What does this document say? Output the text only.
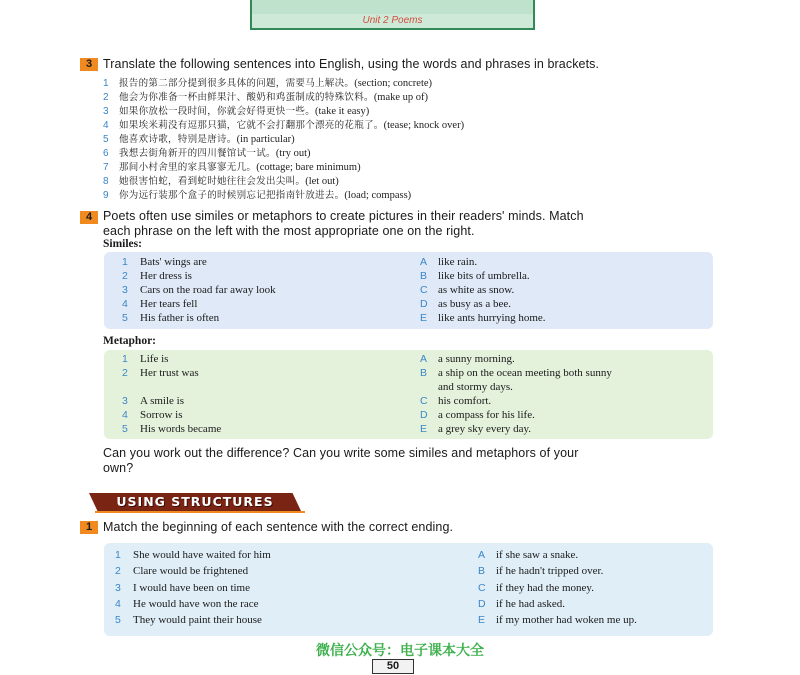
Unit 2 Poems
3 Translate the following sentences into English, using the words and phrases in brackets.
1 报告的第二部分提到很多具体的问题，需要马上解决。(section; concrete)
2 他会为你准备一杯由鲜果汁、酸奶和鸡蛋制成的特殊饮料。(make up of)
3 如果你放松一段时间，你就会好得更快一些。(take it easy)
4 如果埃米莉没有逗那只猫，它就不会打翻那个漂亮的花瓶了。(tease; knock over)
5 他喜欢诗歌，特别是唐诗。(in particular)
6 我想去街角新开的四川餐馆试一试。(try out)
7 那间小村舍里的家具寥寥无几。(cottage; bare minimum)
8 她很害怕蛇，看到蛇时她往往会发出尖叫。(let out)
9 你为远行装那个盒子的时候别忘记把指南针放进去。(load; compass)
4 Poets often use similes or metaphors to create pictures in their readers' minds. Match
each phrase on the left with the most appropriate one on the right.
Similes:
1 Bats' wings are
2 Her dress is
3 Cars on the road far away look
4 Her tears fell
5 His father is often
A like rain.
B like bits of umbrella.
C as white as snow.
D as busy as a bee.
E like ants hurrying home.
Metaphor:
1 Life is
2 Her trust was
3 A smile is
4 Sorrow is
5 His words became
A a sunny morning.
B a ship on the ocean meeting both sunny
and stormy days.
C his comfort.
D a compass for his life.
E a grey sky every day.
Can you work out the difference? Can you write some similes and metaphors of your
own?
USING STRUCTURES
1 Match the beginning of each sentence with the correct ending.
1 She would have waited for him
2 Clare would be frightened
3 I would have been on time
4 He would have won the race
5 They would paint their house
A if she saw a snake.
B if he hadn't tripped over.
C if they had the money.
D if he had asked.
E if my mother had woken me up.
微信公众号：电子课本大全
50
